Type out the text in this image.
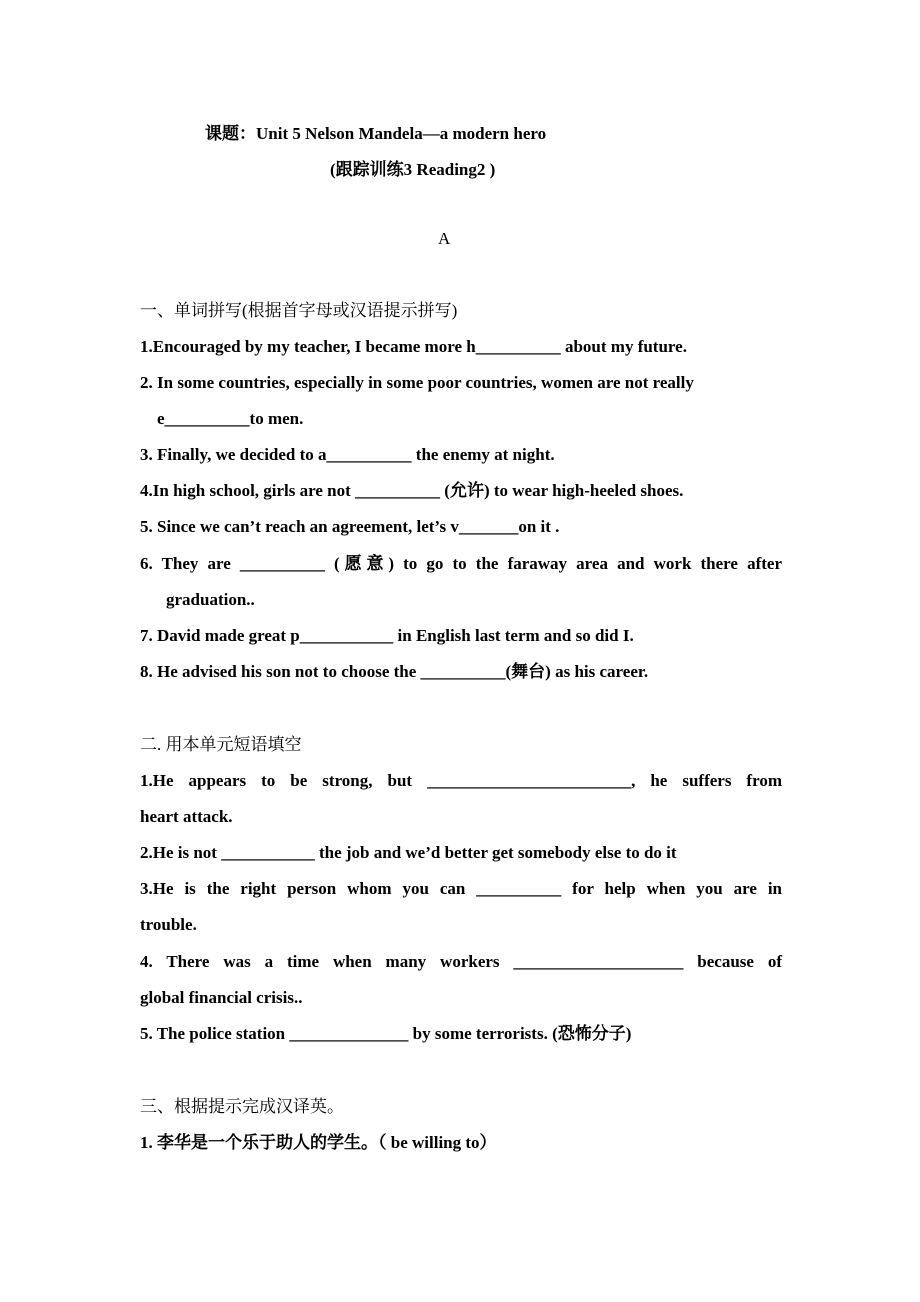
课题：Unit 5 Nelson Mandela—a modern hero
(跟踪训练3 Reading2 )
A
一、单词拼写(根据首字母或汉语提示拼写)
1.Encouraged by my teacher, I became more h__________ about my future.
2. In some countries, especially in some poor countries, women are not really
e__________to men.
3. Finally, we decided to a__________ the enemy at night.
4.In high school, girls are not __________ (允许) to wear high-heeled shoes.
5. Since we can’t reach an agreement, let’s v_______on it .
6. They are __________ (愿意) to go to the faraway area and work there after
graduation..
7. David made great p___________ in English last term and so did I.
8. He advised his son not to choose the __________(舞台) as his career.
二. 用本单元短语填空
1.He appears to be strong, but ________________________, he suffers from
heart attack.
2.He is not ___________ the job and we’d better get somebody else to do it
3.He is the right person whom you can __________ for help when you are in
trouble.
4. There was a time when many workers ____________________ because of
global financial crisis..
5. The police station ______________ by some terrorists. (恐怖分子)
三、根据提示完成汉译英。
1. 李华是一个乐于助人的学生。（ be willing to）
